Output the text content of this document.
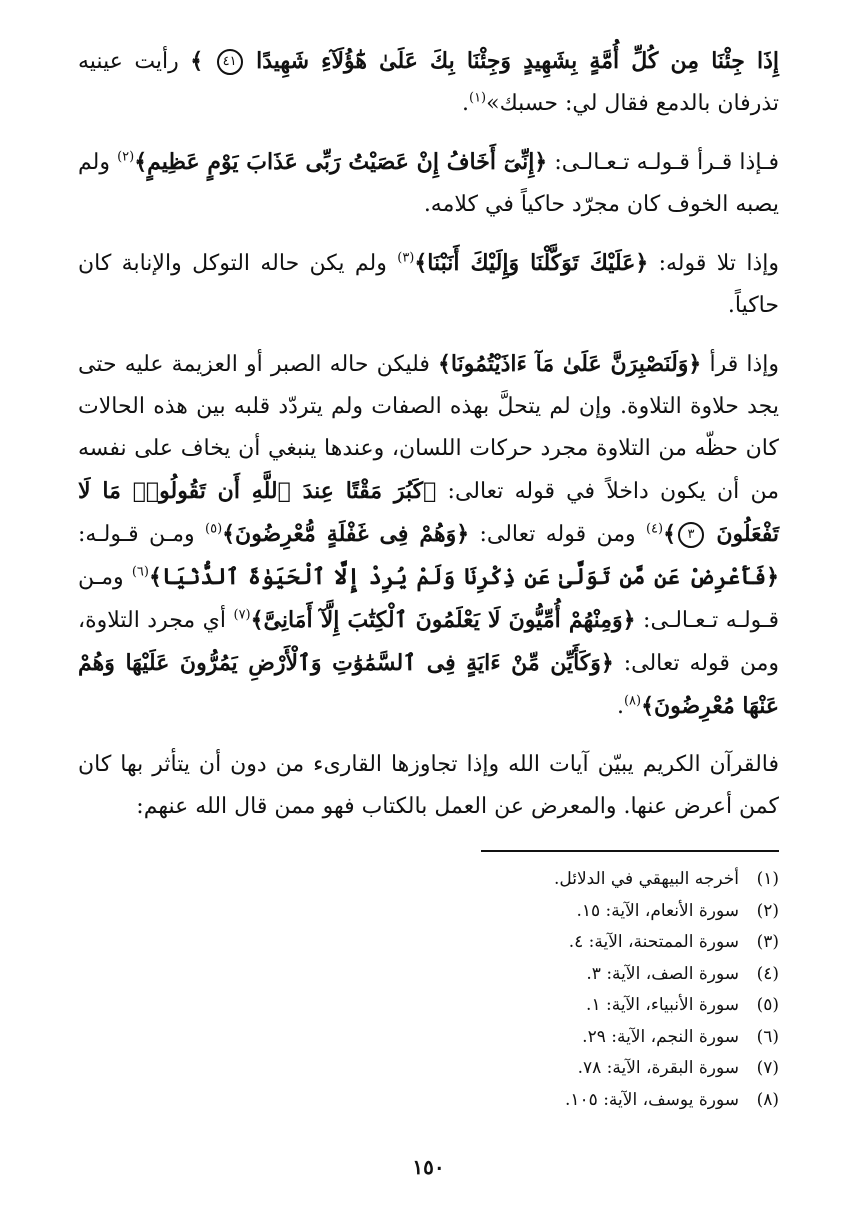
إِذَا جِئْنَا مِن كُلِّ أُمَّةٍ بِشَهِيدٍ وَجِئْنَا بِكَ عَلَىٰ هَٰٓؤُلَآءِ شَهِيدًا ٤١ ﴾ رأيت عينيه تذرفان بالدمع فقال لي: حسبك»$^{(١)}$.

فـإذا قـرأ قـولـه تـعـالـى: ﴿إِنِّىٓ أَخَافُ إِنْ عَصَيْتُ رَبِّى عَذَابَ يَوْمٍ عَظِيمٍ﴾$^{(٢)}$ ولم يصبه الخوف كان مجرّد حاكياً في كلامه.

وإذا تلا قوله: ﴿عَلَيْكَ تَوَكَّلْنَا وَإِلَيْكَ أَنَبْنَا﴾$^{(٣)}$ ولم يكن حاله التوكل والإنابة كان حاكياً.

وإذا قرأ ﴿وَلَنَصْبِرَنَّ عَلَىٰ مَآ ءَاذَيْتُمُونَا﴾ فليكن حاله الصبر أو العزيمة عليه حتى يجد حلاوة التلاوة. وإن لم يتحلَّ بهذه الصفات ولم يتردّد قلبه بين هذه الحالات كان حظّه من التلاوة مجرد حركات اللسان، وعندها ينبغي أن يخاف على نفسه من أن يكون داخلاً في قوله تعالى: ﴿كَبُرَ مَقْتًا عِندَ ٱللَّهِ أَن تَقُولُوا۟ مَا لَا تَفْعَلُونَ ٣﴾$^{(٤)}$ ومن قوله تعالى: ﴿وَهُمْ فِى غَفْلَةٍ مُّعْرِضُونَ﴾$^{(٥)}$ ومـن قـولـه: ﴿فَأَعْرِضْ عَن مَّن تَوَلَّىٰ عَن ذِكْرِنَا وَلَمْ يُرِدْ إِلَّا ٱلْحَيَوٰةَ ٱلدُّنْيَا﴾$^{(٦)}$ ومـن قـولـه تـعـالـى: ﴿وَمِنْهُمْ أُمِّيُّونَ لَا يَعْلَمُونَ ٱلْكِتَٰبَ إِلَّآ أَمَانِىَّ﴾$^{(٧)}$ أي مجرد التلاوة، ومن قوله تعالى: ﴿وَكَأَيِّن مِّنْ ءَايَةٍ فِى ٱلسَّمَٰوَٰتِ وَٱلْأَرْضِ يَمُرُّونَ عَلَيْهَا وَهُمْ عَنْهَا مُعْرِضُونَ﴾$^{(٨)}$.

فالقرآن الكريم يبيّن آيات الله وإذا تجاوزها القارىء من دون أن يتأثر بها كان كمن أعرض عنها. والمعرض عن العمل بالكتاب فهو ممن قال الله عنهم:

(١)أخرجه البيهقي في الدلائل.
(٢)سورة الأنعام، الآية: ١٥.
(٣)سورة الممتحنة، الآية: ٤.
(٤)سورة الصف، الآية: ٣.
(٥)سورة الأنبياء، الآية: ١.
(٦)سورة النجم، الآية: ٢٩.
(٧)سورة البقرة، الآية: ٧٨.
(٨)سورة يوسف، الآية: ١٠٥.
١٥٠
